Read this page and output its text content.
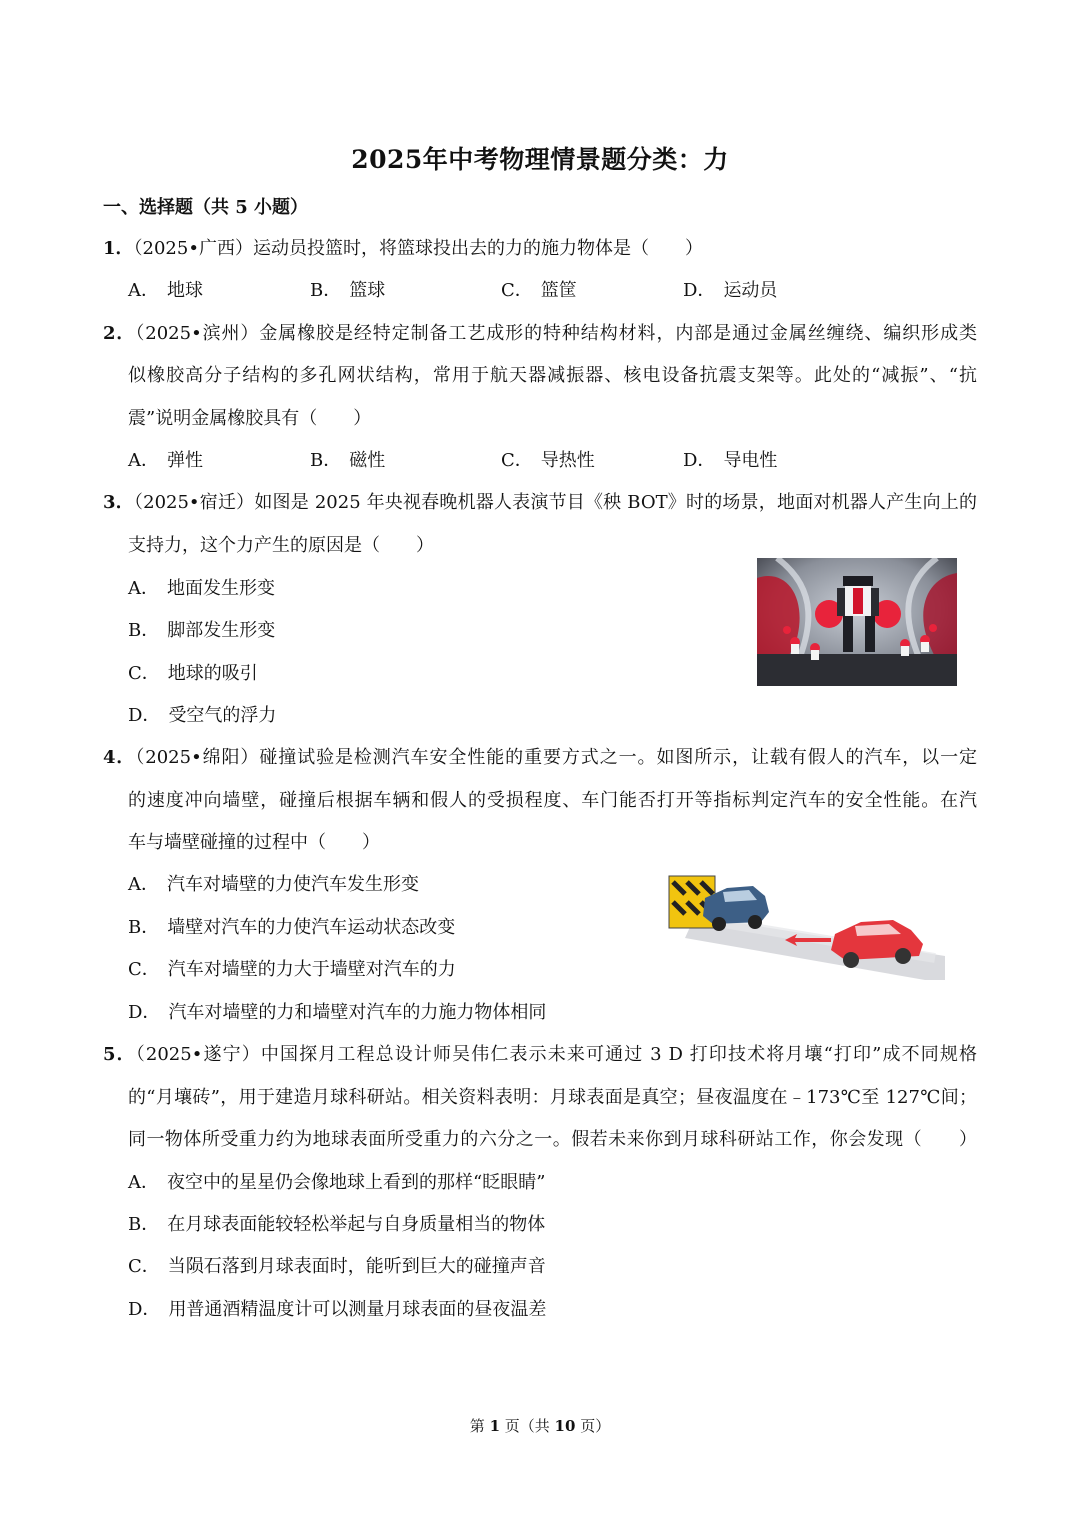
2025年中考物理情景题分类：力
一、选择题（共 5 小题）
1．（2025•广西）运动员投篮时，将篮球投出去的力的施力物体是（　　）
A． 地球	B． 篮球	C． 篮筐	D． 运动员
2．（2025•滨州）金属橡胶是经特定制备工艺成形的特种结构材料，内部是通过金属丝缠绕、编织形成类
似橡胶高分子结构的多孔网状结构，常用于航天器减振器、核电设备抗震支架等。此处的“减振”、“抗
震”说明金属橡胶具有（　　）
A． 弹性	B． 磁性	C． 导热性	D． 导电性
3．（2025•宿迁）如图是 2025 年央视春晚机器人表演节目《秧 BOT》时的场景，地面对机器人产生向上的
支持力，这个力产生的原因是（　　）
A． 地面发生形变
B． 脚部发生形变
C． 地球的吸引
D． 受空气的浮力
4．（2025•绵阳）碰撞试验是检测汽车安全性能的重要方式之一。如图所示，让载有假人的汽车，以一定
的速度冲向墙壁，碰撞后根据车辆和假人的受损程度、车门能否打开等指标判定汽车的安全性能。在汽
车与墙壁碰撞的过程中（　　）
A． 汽车对墙壁的力使汽车发生形变
B． 墙壁对汽车的力使汽车运动状态改变
C． 汽车对墙壁的力大于墙壁对汽车的力
D． 汽车对墙壁的力和墙壁对汽车的力施力物体相同
5．（2025•遂宁）中国探月工程总设计师吴伟仁表示未来可通过 3 D 打印技术将月壤“打印”成不同规格
的“月壤砖”，用于建造月球科研站。相关资料表明：月球表面是真空；昼夜温度在﹣173℃至 127℃间；
同一物体所受重力约为地球表面所受重力的六分之一。假若未来你到月球科研站工作，你会发现（　　）
A． 夜空中的星星仍会像地球上看到的那样“眨眼睛”
B． 在月球表面能较轻松举起与自身质量相当的物体
C． 当陨石落到月球表面时，能听到巨大的碰撞声音
D． 用普通酒精温度计可以测量月球表面的昼夜温差
第 1 页（共 10 页）
